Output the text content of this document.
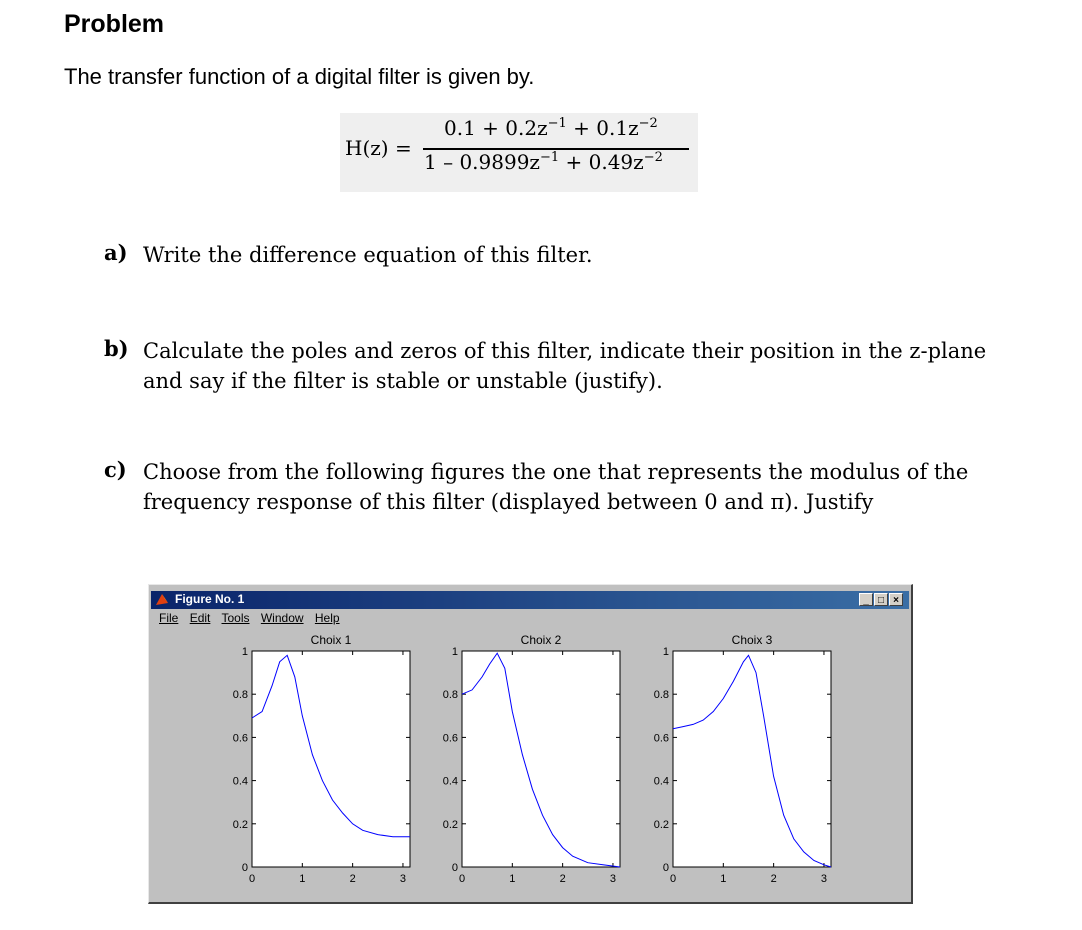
Problem
The transfer function of a digital filter is given by.
H(z) =
$0.1 + 0.2z^{-1} + 0.1z^{-2}$
$1 - 0.9899z^{-1} + 0.49z^{-2}$
a) Write the difference equation of this filter.
b) Calculate the poles and zeros of this filter, indicate their position in the z-plane and say if the filter is stable or unstable (justify).
c) Choose from the following figures the one that represents the modulus of the frequency response of this filter (displayed between 0 and π). Justify
Figure No. 1	_ □ ×
File Edit Tools Window Help
Choix 1
0
0.2
0.4
0.6
0.8
1
0	1	2	3
Choix 2
0
0.2
0.4
0.6
0.8
1
0	1	2	3
Choix 3
0
0.2
0.4
0.6
0.8
1
0	1	2	3
